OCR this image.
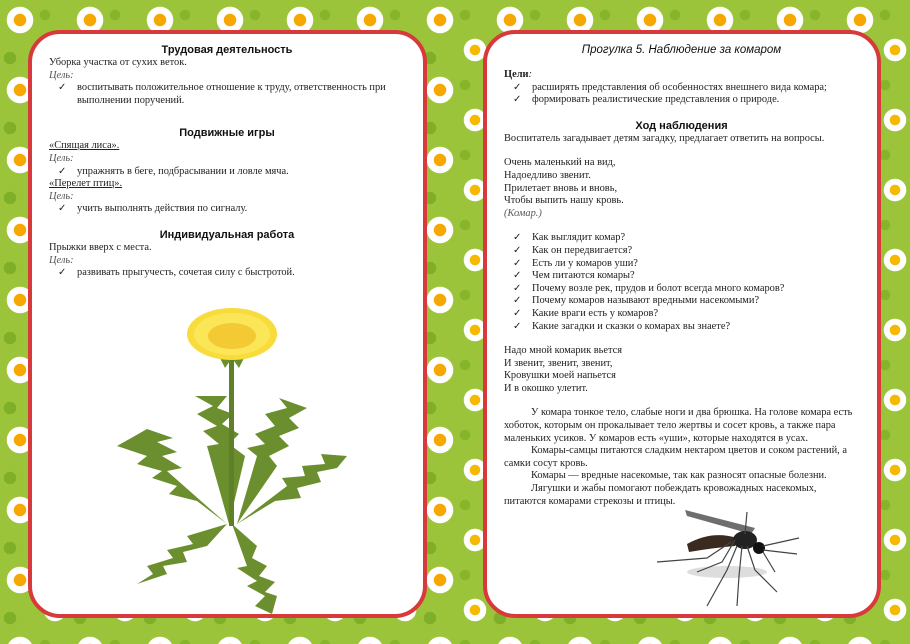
Трудовая деятельность

Уборка участка от сухих веток.

Цель:

✓ воспитывать положительное отношение к труду, ответственность при выполнении поручений.

Подвижные игры

«Спящая лиса».

Цель:

✓ упражнять в беге, подбрасывании и ловле мяча.

«Перелет птиц».

Цель:

✓ учить выполнять действия по сигналу.

Индивидуальная работа

Прыжки вверх с места.

Цель:

✓ развивать прыгучесть, сочетая силу с быстротой.

Прогулка 5. Наблюдение за комаром

Цели:

✓ расширять представления об особенностях внешнего вида комара;
✓ формировать реалистические представления о природе.

Ход наблюдения

Воспитатель загадывает детям загадку, предлагает ответить на вопросы.

Очень маленький на вид,

Надоедливо звенит.

Прилетает вновь и вновь,

Чтобы выпить нашу кровь.

(Комар.)

✓ Как выглядит комар?
✓ Как он передвигается?
✓ Есть ли у комаров уши?
✓ Чем питаются комары?
✓ Почему возле рек, прудов и болот всегда много комаров?
✓ Почему комаров называют вредными насекомыми?
✓ Какие враги есть у комаров?
✓ Какие загадки и сказки о комарах вы знаете?

Надо мной комарик вьется

И звенит, звенит, звенит,

Кровушки моей напьется

И в окошко улетит.

У комара тонкое тело, слабые ноги и два брюшка. На голове комара есть хоботок, которым он прокалывает тело жертвы и сосет кровь, а также пара маленьких усиков. У комаров есть «уши», которые находятся в усах.

Комары-самцы питаются сладким нектаром цветов и соком растений, а самки сосут кровь.

Комары — вредные насекомые, так как разносят опасные болезни.

Лягушки и жабы помогают побеждать кровожадных насекомых, питаются комарами стрекозы и птицы.
